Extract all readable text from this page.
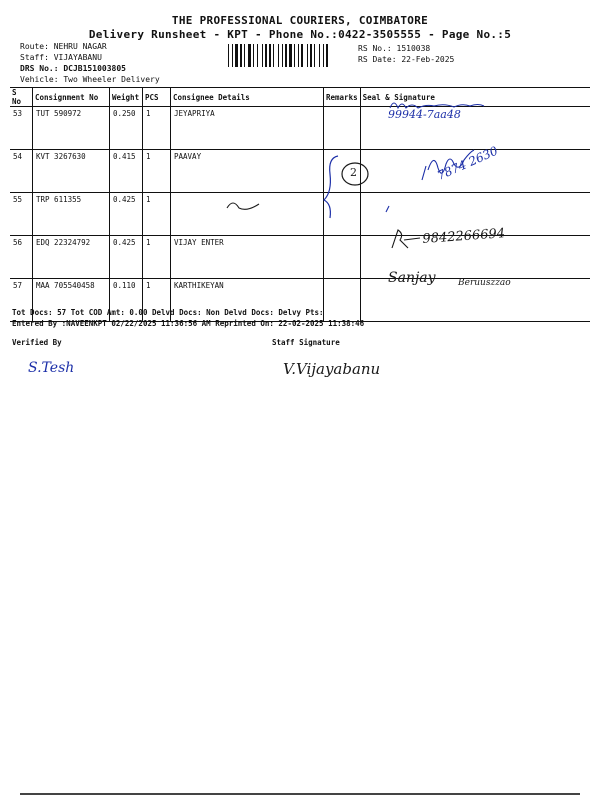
THE PROFESSIONAL COURIERS, COIMBATORE
Delivery Runsheet - KPT - Phone No.:0422-3505555 - Page No.:5
Route: NEHRU NAGAR
Staff: VIJAYABANU
DRS No.: DCJB151003805
Vehicle: Two Wheeler Delivery
RS No.: 1510038
RS Date: 22-Feb-2025
S No	Consignment No	Weight	PCS	Consignee Details	Remarks	Seal & Signature
53	TUT 590972	0.250	1	JEYAPRIYA		
54	KVT 3267630	0.415	1	PAAVAY		
55	TRP 611355	0.425	1			
56	EDQ 22324792	0.425	1	VIJAY ENTER		
57	MAA 705540458	0.110	1	KARTHIKEYAN		
99944-7aa48
2	7874 2630
9842266694
Sanjay Beruuszzao
Tot Docs: 57 Tot COD Amt: 0.00 Delvd Docs: Non Delvd Docs: Delvy Pts:
Entered By :NAVEENKPT 02/22/2025 11:36:56 AM Reprinted On: 22-02-2025 11:38:46
Verified By	Staff Signature
S.Tesh	V.Vijayabanu
